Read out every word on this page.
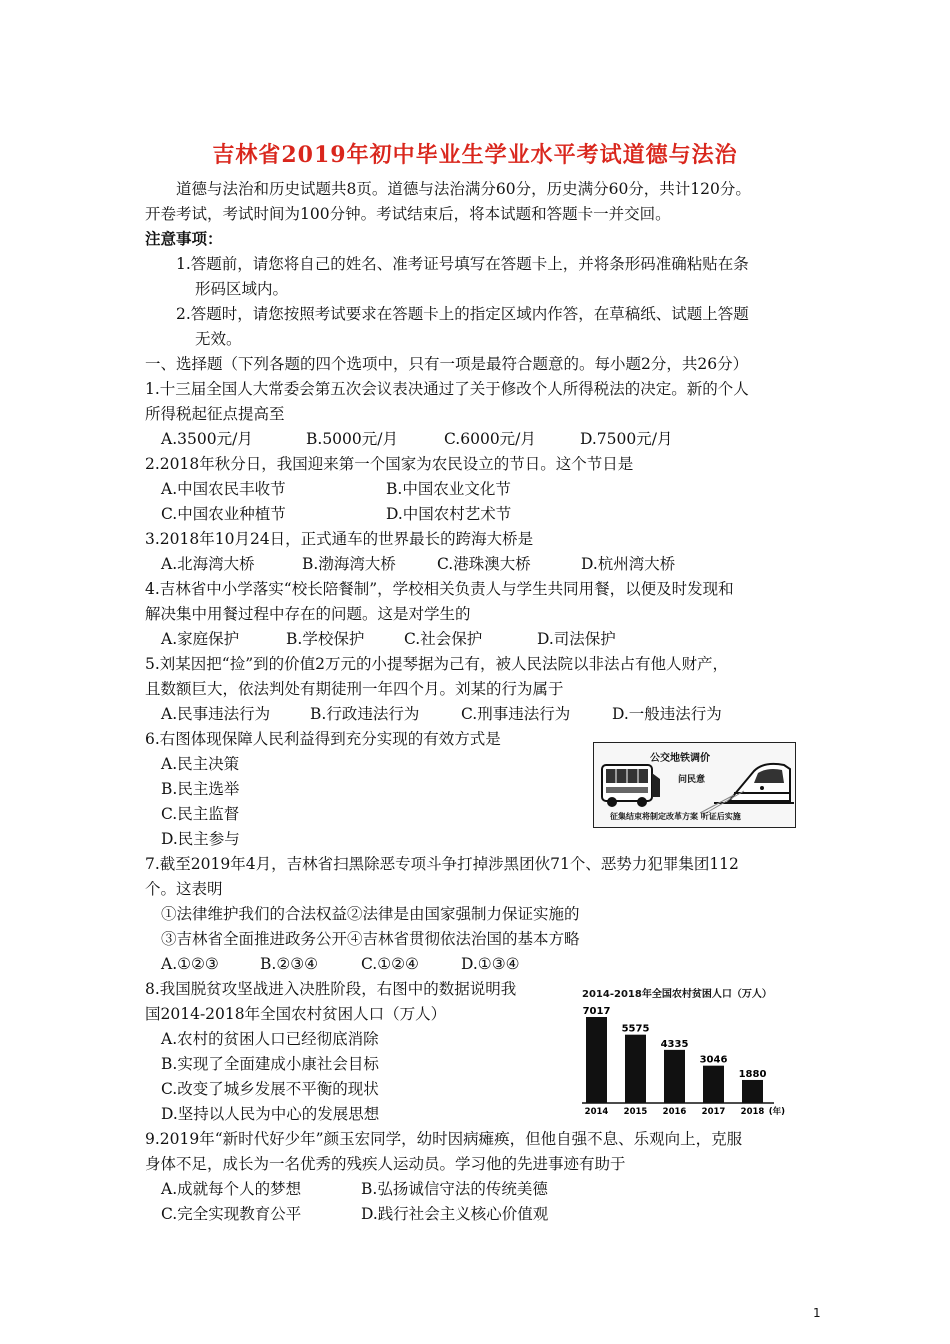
吉林省2019年初中毕业生学业水平考试道德与法治
道德与法治和历史试题共8页。道德与法治满分60分，历史满分60分，共计120分。
开卷考试，考试时间为100分钟。考试结束后，将本试题和答题卡一并交回。
注意事项：
1.答题前，请您将自己的姓名、准考证号填写在答题卡上，并将条形码准确粘贴在条
形码区域内。
2.答题时，请您按照考试要求在答题卡上的指定区域内作答，在草稿纸、试题上答题
无效。
一、选择题（下列各题的四个选项中，只有一项是最符合题意的。每小题2分，共26分）
1.十三届全国人大常委会第五次会议表决通过了关于修改个人所得税法的决定。新的个人
所得税起征点提高至
A.3500元/月	B.5000元/月	C.6000元/月	D.7500元/月
2.2018年秋分日，我国迎来第一个国家为农民设立的节日。这个节日是
A.中国农民丰收节	B.中国农业文化节
C.中国农业种植节	D.中国农村艺术节
3.2018年10月24日，正式通车的世界最长的跨海大桥是
A.北海湾大桥	B.渤海湾大桥	C.港珠澳大桥	D.杭州湾大桥
4.吉林省中小学落实“校长陪餐制”，学校相关负责人与学生共同用餐，以便及时发现和
解决集中用餐过程中存在的问题。这是对学生的
A.家庭保护	B.学校保护	C.社会保护	D.司法保护
5.刘某因把“捡”到的价值2万元的小提琴据为己有，被人民法院以非法占有他人财产，
且数额巨大，依法判处有期徒刑一年四个月。刘某的行为属于
A.民事违法行为	B.行政违法行为	C.刑事违法行为	D.一般违法行为
6.右图体现保障人民利益得到充分实现的有效方式是
A.民主决策
B.民主选举
C.民主监督
D.民主参与
公交地铁调价
问民意
征集结束将制定改革方案 听证后实施
7.截至2019年4月，吉林省扫黑除恶专项斗争打掉涉黑团伙71个、恶势力犯罪集团112
个。这表明
①法律维护我们的合法权益②法律是由国家强制力保证实施的
③吉林省全面推进政务公开④吉林省贯彻依法治国的基本方略
A.①②③	B.②③④	C.①②④	D.①③④
8.我国脱贫攻坚战进入决胜阶段，右图中的数据说明我
国2014-2018年全国农村贫困人口（万人）
A.农村的贫困人口已经彻底消除
B.实现了全面建成小康社会目标
C.改变了城乡发展不平衡的现状
D.坚持以人民为中心的发展思想
2014-2018年全国农村贫困人口（万人）
7017
2014
5575
2015
4335
2016
3046
2017
1880
2018 (年)
9.2019年“新时代好少年”颜玉宏同学，幼时因病瘫痪，但他自强不息、乐观向上，克服
身体不足，成长为一名优秀的残疾人运动员。学习他的先进事迹有助于
A.成就每个人的梦想	B.弘扬诚信守法的传统美德
C.完全实现教育公平	D.践行社会主义核心价值观
1
